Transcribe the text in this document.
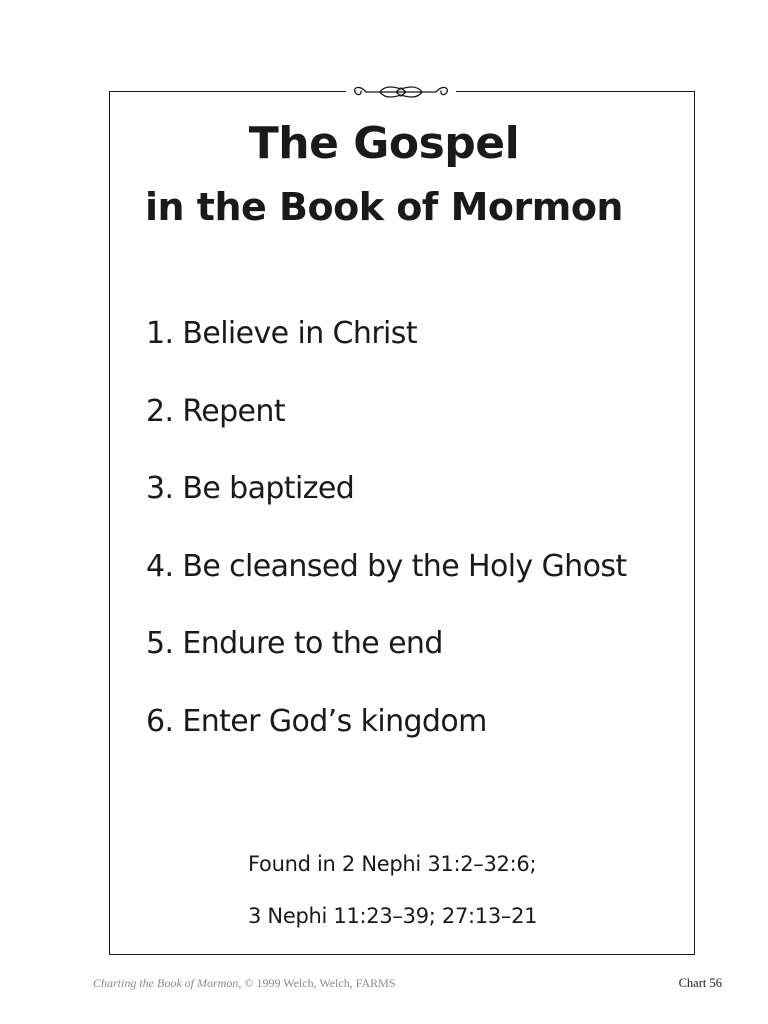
The Gospel
in the Book of Mormon
1. Believe in Christ
2. Repent
3. Be baptized
4. Be cleansed by the Holy Ghost
5. Endure to the end
6. Enter God’s kingdom
Found in 2 Nephi 31:2–32:6;
3 Nephi 11:23–39; 27:13–21
Charting the Book of Mormon, © 1999 Welch, Welch, FARMS	Chart 56
